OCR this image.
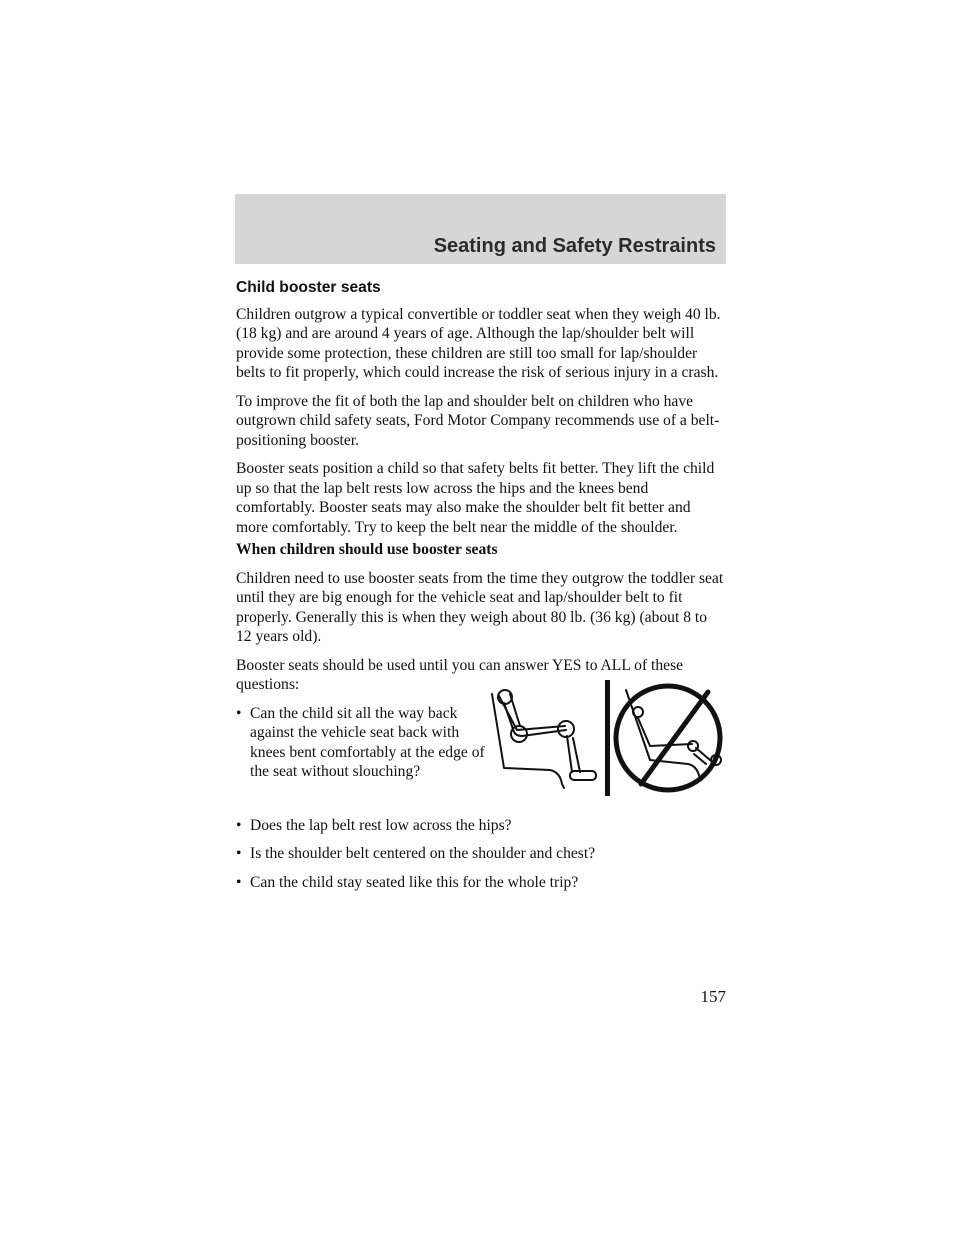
Seating and Safety Restraints
Child booster seats

Children outgrow a typical convertible or toddler seat when they weigh 40 lb. (18 kg) and are around 4 years of age. Although the lap/shoulder belt will provide some protection, these children are still too small for lap/shoulder belts to fit properly, which could increase the risk of serious injury in a crash.

To improve the fit of both the lap and shoulder belt on children who have outgrown child safety seats, Ford Motor Company recommends use of a belt-positioning booster.

Booster seats position a child so that safety belts fit better. They lift the child up so that the lap belt rests low across the hips and the knees bend comfortably. Booster seats may also make the shoulder belt fit better and more comfortably. Try to keep the belt near the middle of the shoulder.

When children should use booster seats

Children need to use booster seats from the time they outgrow the toddler seat until they are big enough for the vehicle seat and lap/shoulder belt to fit properly. Generally this is when they weigh about 80 lb. (36 kg) (about 8 to 12 years old).

Booster seats should be used until you can answer YES to ALL of these questions:

• Can the child sit all the way back against the vehicle seat back with knees bent comfortably at the edge of the seat without slouching?
• Does the lap belt rest low across the hips?
• Is the shoulder belt centered on the shoulder and chest?
• Can the child stay seated like this for the whole trip?
157
